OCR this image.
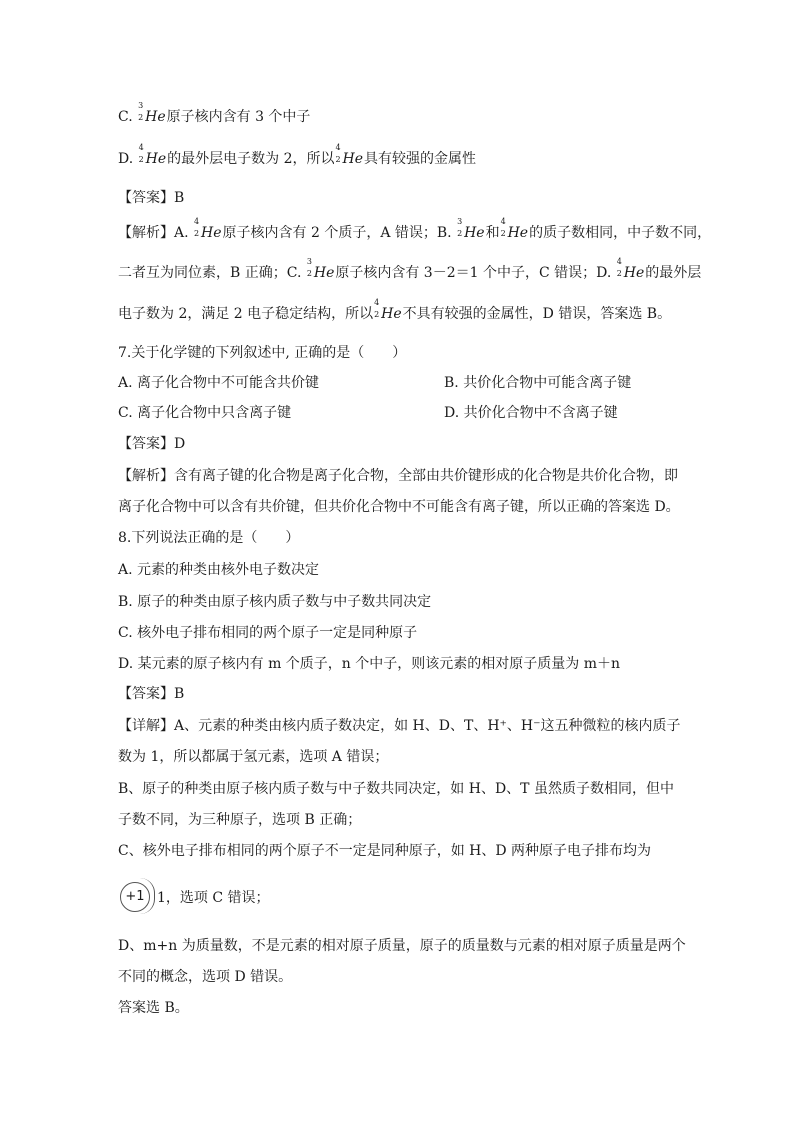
C.
3
2 He原子核内含有 3 个中子
D.
4
2 He的最外层电子数为 2，所以
4
2 He具有较强的金属性
【答案】B
【解析】A.
4
2 He原子核内含有 2 个质子，A 错误；B.
3
2 He和
4
2 He的质子数相同，中子数不同，
二者互为同位素，B 正确；C.
3
2 He原子核内含有 3－2＝1 个中子，C 错误；D.
4
2 He的最外层
电子数为 2，满足 2 电子稳定结构，所以
4
2 He不具有较强的金属性，D 错误，答案选 B。
7.关于化学键的下列叙述中, 正确的是（　　）
A. 离子化合物中不可能含共价键	B. 共价化合物中可能含离子键
C. 离子化合物中只含离子键	D. 共价化合物中不含离子键
【答案】D
【解析】含有离子键的化合物是离子化合物，全部由共价键形成的化合物是共价化合物，即
离子化合物中可以含有共价键，但共价化合物中不可能含有离子键，所以正确的答案选 D。
8.下列说法正确的是（　　）
A. 元素的种类由核外电子数决定
B. 原子的种类由原子核内质子数与中子数共同决定
C. 核外电子排布相同的两个原子一定是同种原子
D. 某元素的原子核内有 m 个质子，n 个中子，则该元素的相对原子质量为 m＋n
【答案】B
【详解】A、元素的种类由核内质子数决定，如 H、D、T、H⁺、H⁻这五种微粒的核内质子
数为 1，所以都属于氢元素，选项 A 错误；
B、原子的种类由原子核内质子数与中子数共同决定，如 H、D、T 虽然质子数相同，但中
子数不同，为三种原子，选项 B 正确；
C、核外电子排布相同的两个原子不一定是同种原子，如 H、D 两种原子电子排布均为
+1 1，选项 C 错误；
D、m+n 为质量数，不是元素的相对原子质量，原子的质量数与元素的相对原子质量是两个
不同的概念，选项 D 错误。
答案选 B。
